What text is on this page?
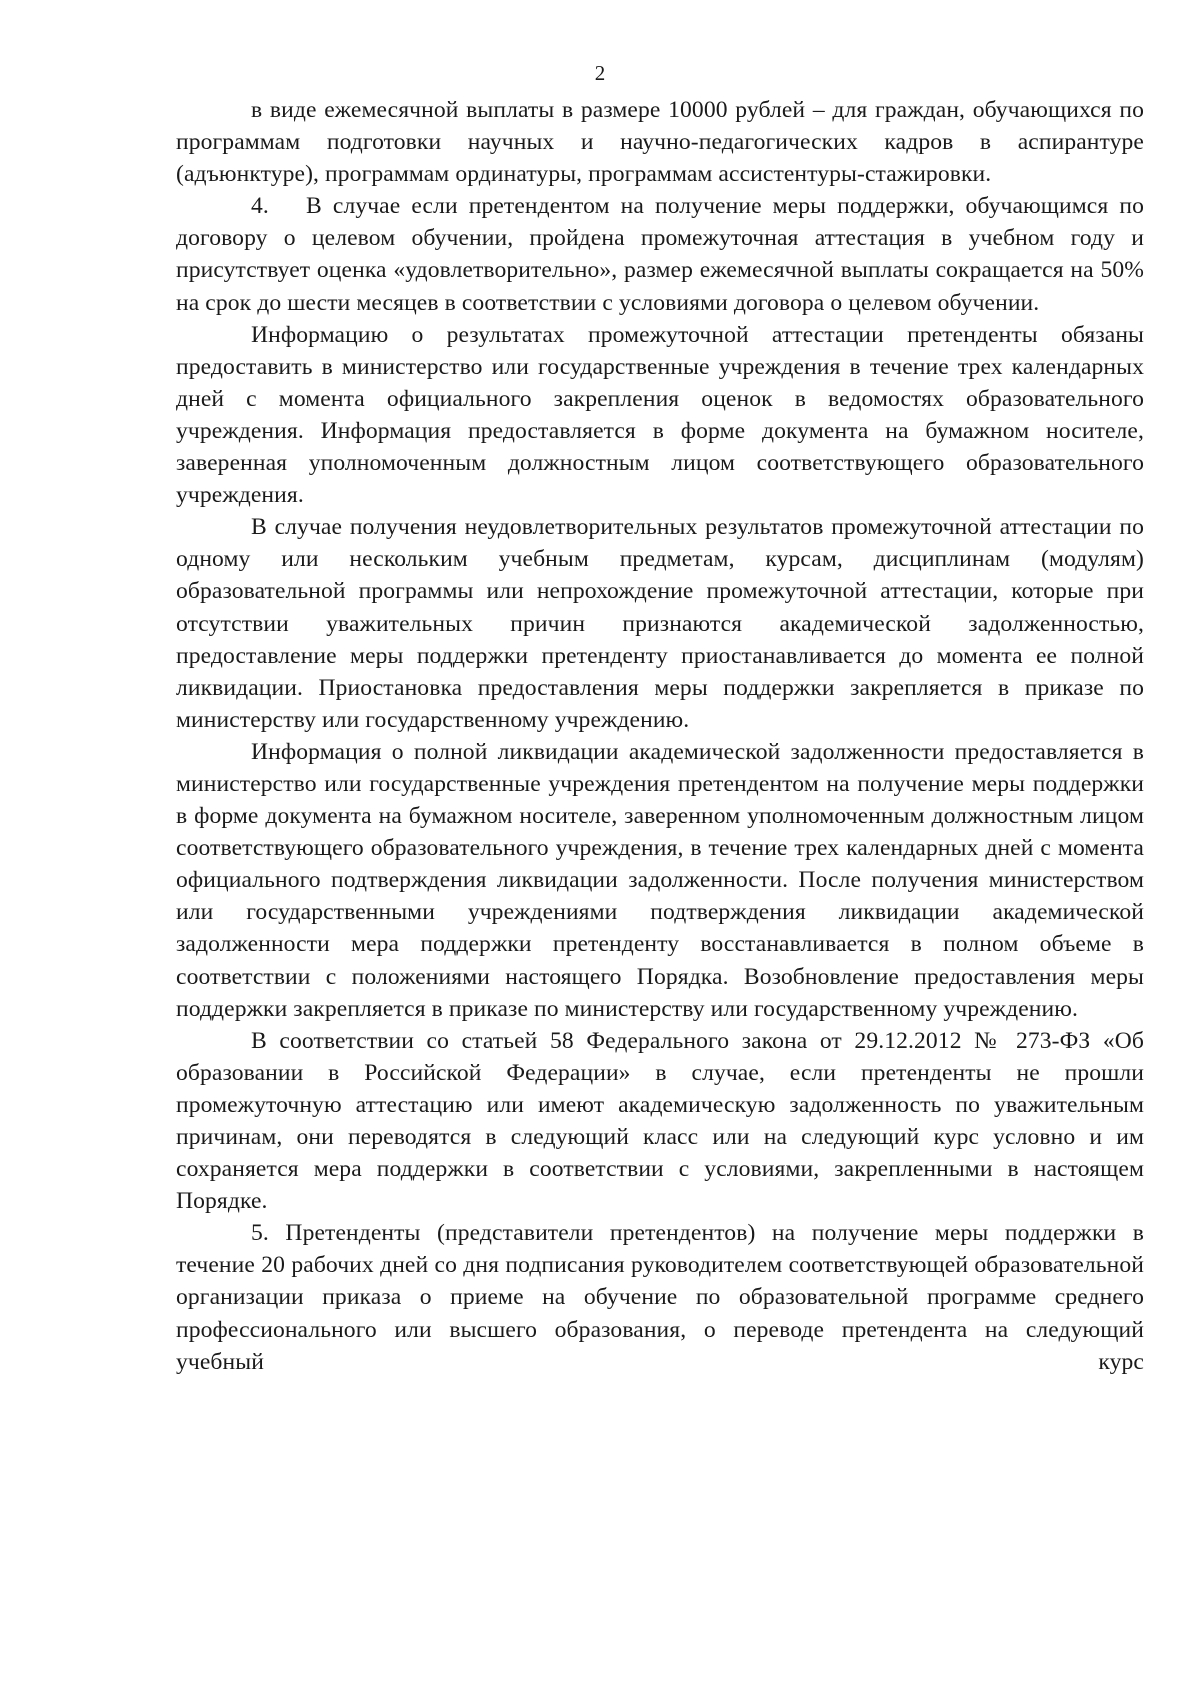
2

в виде ежемесячной выплаты в размере 10000 рублей – для граждан, обучающихся по программам подготовки научных и научно-педагогических кадров в аспирантуре (адъюнктуре), программам ординатуры, программам ассистентуры-стажировки.

4. В случае если претендентом на получение меры поддержки, обучающимся по договору о целевом обучении, пройдена промежуточная аттестация в учебном году и присутствует оценка «удовлетворительно», размер ежемесячной выплаты сокращается на 50% на срок до шести месяцев в соответствии с условиями договора о целевом обучении.

Информацию о результатах промежуточной аттестации претенденты обязаны предоставить в министерство или государственные учреждения в течение трех календарных дней с момента официального закрепления оценок в ведомостях образовательного учреждения. Информация предоставляется в форме документа на бумажном носителе, заверенная уполномоченным должностным лицом соответствующего образовательного учреждения.

В случае получения неудовлетворительных результатов промежуточной аттестации по одному или нескольким учебным предметам, курсам, дисциплинам (модулям) образовательной программы или непрохождение промежуточной аттестации, которые при отсутствии уважительных причин признаются академической задолженностью, предоставление меры поддержки претенденту приостанавливается до момента ее полной ликвидации. Приостановка предоставления меры поддержки закрепляется в приказе по министерству или государственному учреждению.

Информация о полной ликвидации академической задолженности предоставляется в министерство или государственные учреждения претендентом на получение меры поддержки в форме документа на бумажном носителе, заверенном уполномоченным должностным лицом соответствующего образовательного учреждения, в течение трех календарных дней с момента официального подтверждения ликвидации задолженности. После получения министерством или государственными учреждениями подтверждения ликвидации академической задолженности мера поддержки претенденту восстанавливается в полном объеме в соответствии с положениями настоящего Порядка. Возобновление предоставления меры поддержки закрепляется в приказе по министерству или государственному учреждению.

В соответствии со статьей 58 Федерального закона от 29.12.2012 № 273-ФЗ «Об образовании в Российской Федерации» в случае, если претенденты не прошли промежуточную аттестацию или имеют академическую задолженность по уважительным причинам, они переводятся в следующий класс или на следующий курс условно и им сохраняется мера поддержки в соответствии с условиями, закрепленными в настоящем Порядке.

5. Претенденты (представители претендентов) на получение меры поддержки в течение 20 рабочих дней со дня подписания руководителем соответствующей образовательной организации приказа о приеме на обучение по образовательной программе среднего профессионального или высшего образования, о переводе претендента на следующий учебный курс
